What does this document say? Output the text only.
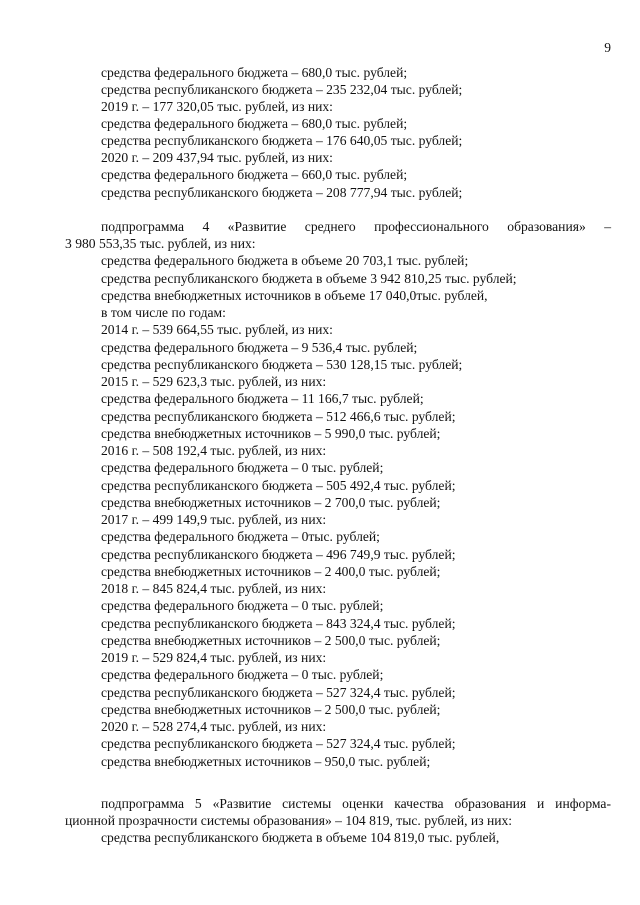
9
средства федерального бюджета – 680,0 тыс. рублей;
средства республиканского бюджета – 235 232,04 тыс. рублей;
2019 г. – 177 320,05 тыс. рублей, из них:
средства федерального бюджета – 680,0 тыс. рублей;
средства республиканского бюджета – 176 640,05 тыс. рублей;
2020 г. – 209 437,94 тыс. рублей, из них:
средства федерального бюджета – 660,0 тыс. рублей;
средства республиканского бюджета – 208 777,94 тыс. рублей;
подпрограмма 4 «Развитие среднего профессионального образования» –
3 980 553,35 тыс. рублей, из них:
средства федерального бюджета в объеме 20 703,1 тыс. рублей;
средства республиканского бюджета в объеме 3 942 810,25 тыс. рублей;
средства внебюджетных источников в объеме 17 040,0тыс. рублей,
в том числе по годам:
2014 г. – 539 664,55 тыс. рублей, из них:
средства федерального бюджета – 9 536,4 тыс. рублей;
средства республиканского бюджета – 530 128,15 тыс. рублей;
2015 г. – 529 623,3 тыс. рублей, из них:
средства федерального бюджета – 11 166,7 тыс. рублей;
средства республиканского бюджета – 512 466,6 тыс. рублей;
средства внебюджетных источников – 5 990,0 тыс. рублей;
2016 г. – 508 192,4 тыс. рублей, из них:
средства федерального бюджета – 0 тыс. рублей;
средства республиканского бюджета – 505 492,4 тыс. рублей;
средства внебюджетных источников – 2 700,0 тыс. рублей;
2017 г. – 499 149,9 тыс. рублей, из них:
средства федерального бюджета – 0тыс. рублей;
средства республиканского бюджета – 496 749,9 тыс. рублей;
средства внебюджетных источников – 2 400,0 тыс. рублей;
2018 г. – 845 824,4 тыс. рублей, из них:
средства федерального бюджета – 0 тыс. рублей;
средства республиканского бюджета – 843 324,4 тыс. рублей;
средства внебюджетных источников – 2 500,0 тыс. рублей;
2019 г. – 529 824,4 тыс. рублей, из них:
средства федерального бюджета – 0 тыс. рублей;
средства республиканского бюджета – 527 324,4 тыс. рублей;
средства внебюджетных источников – 2 500,0 тыс. рублей;
2020 г. – 528 274,4 тыс. рублей, из них:
средства республиканского бюджета – 527 324,4 тыс. рублей;
средства внебюджетных источников – 950,0 тыс. рублей;
подпрограмма 5 «Развитие системы оценки качества образования и информа-
ционной прозрачности системы образования» – 104 819, тыс. рублей, из них:
средства республиканского бюджета в объеме 104 819,0 тыс. рублей,
